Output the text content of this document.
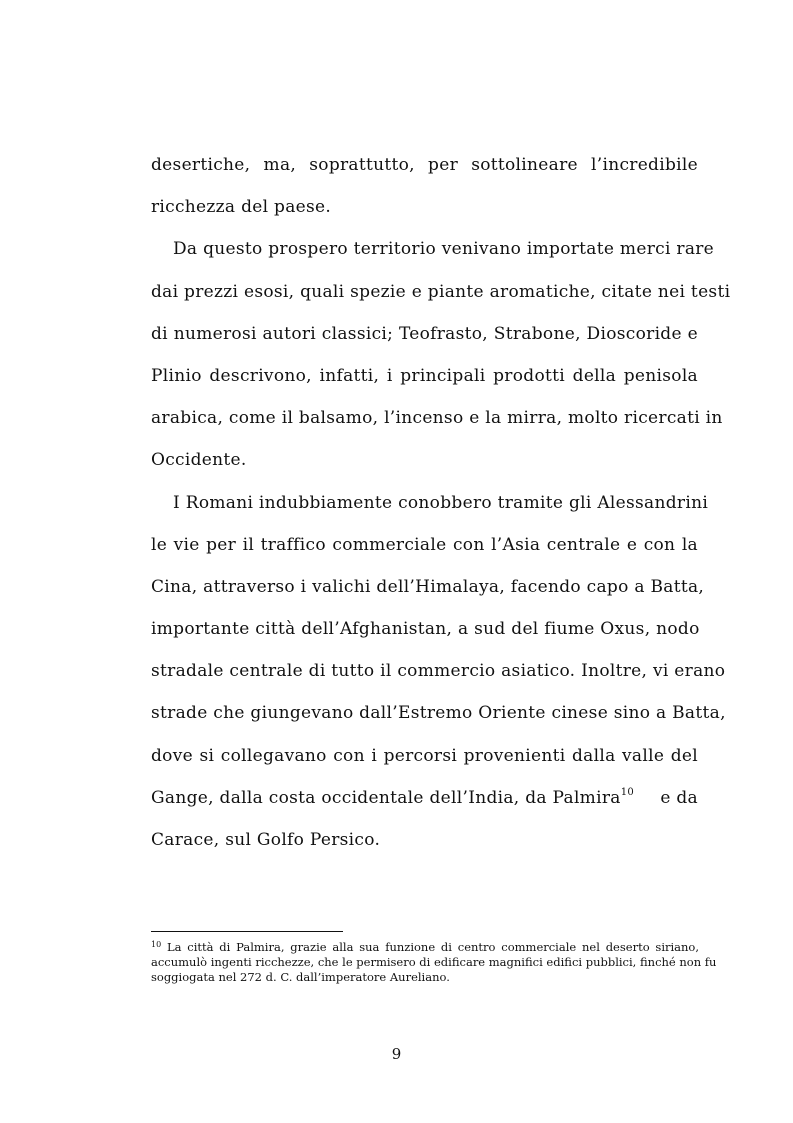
desertiche, ma, soprattutto, per sottolineare l’incredibile
ricchezza del paese.
Da questo prospero territorio venivano importate merci rare
dai prezzi esosi, quali spezie e piante aromatiche, citate nei testi
di numerosi autori classici; Teofrasto, Strabone, Dioscoride e
Plinio descrivono, infatti, i principali prodotti della penisola
arabica, come il balsamo, l’incenso e la mirra, molto ricercati in
Occidente.
I Romani indubbiamente conobbero tramite gli Alessandrini
le vie per il traffico commerciale con l’Asia centrale e con la
Cina, attraverso i valichi dell’Himalaya, facendo capo a Batta,
importante città dell’Afghanistan, a sud del fiume Oxus, nodo
stradale centrale di tutto il commercio asiatico. Inoltre, vi erano
strade che giungevano dall’Estremo Oriente cinese sino a Batta,
dove si collegavano con i percorsi provenienti dalla valle del
Gange, dalla costa occidentale dell’India, da Palmira$^{10}$ e da
Carace, sul Golfo Persico.
$^{10}$ La città di Palmira, grazie alla sua funzione di centro commerciale nel deserto siriano,
accumulò ingenti ricchezze, che le permisero di edificare magnifici edifici pubblici, finché non fu
soggiogata nel 272 d. C. dall’imperatore Aureliano.
9
